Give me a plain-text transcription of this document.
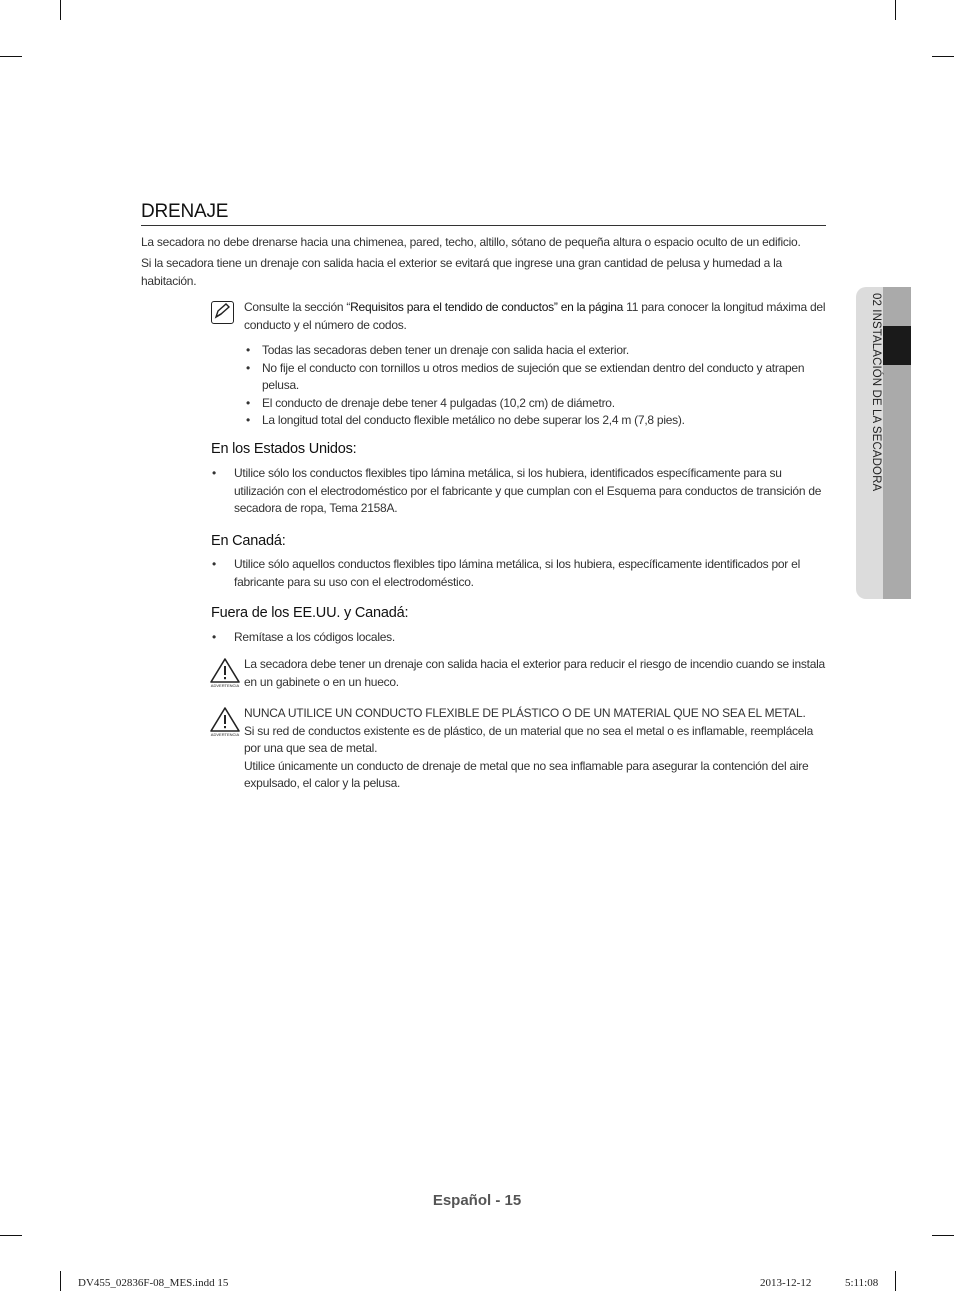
DRENAJE
La secadora no debe drenarse hacia una chimenea, pared, techo, altillo, sótano de pequeña altura o espacio oculto de un edificio.
Si la secadora tiene un drenaje con salida hacia el exterior se evitará que ingrese una gran cantidad de pelusa y humedad a la habitación.
Consulte la sección “Requisitos para el tendido de conductos” en la página 11 para conocer la longitud máxima del conducto y el número de codos.
• Todas las secadoras deben tener un drenaje con salida hacia el exterior.
• No fije el conducto con tornillos u otros medios de sujeción que se extiendan dentro del conducto y atrapen pelusa.
• El conducto de drenaje debe tener 4 pulgadas (10,2 cm) de diámetro.
• La longitud total del conducto flexible metálico no debe superar los 2,4 m (7,8 pies).
En los Estados Unidos:
• Utilice sólo los conductos flexibles tipo lámina metálica, si los hubiera, identificados específicamente para su utilización con el electrodoméstico por el fabricante y que cumplan con el Esquema para conductos de transición de secadora de ropa, Tema 2158A.
En Canadá:
• Utilice sólo aquellos conductos flexibles tipo lámina metálica, si los hubiera, específicamente identificados por el fabricante para su uso con el electrodoméstico.
Fuera de los EE.UU. y Canadá:
• Remítase a los códigos locales.
ADVERTENCIA
La secadora debe tener un drenaje con salida hacia el exterior para reducir el riesgo de incendio cuando se instala en un gabinete o en un hueco.
ADVERTENCIA
NUNCA UTILICE UN CONDUCTO FLEXIBLE DE PLÁSTICO O DE UN MATERIAL QUE NO SEA EL METAL.
Si su red de conductos existente es de plástico, de un material que no sea el metal o es inflamable, reemplácela por una que sea de metal.
Utilice únicamente un conducto de drenaje de metal que no sea inflamable para asegurar la contención del aire expulsado, el calor y la pelusa.
02 INSTALACIÓN DE LA SECADORA
Español - 15
DV455_02836F-08_MES.indd 15	2013-12-12	5:11:08
